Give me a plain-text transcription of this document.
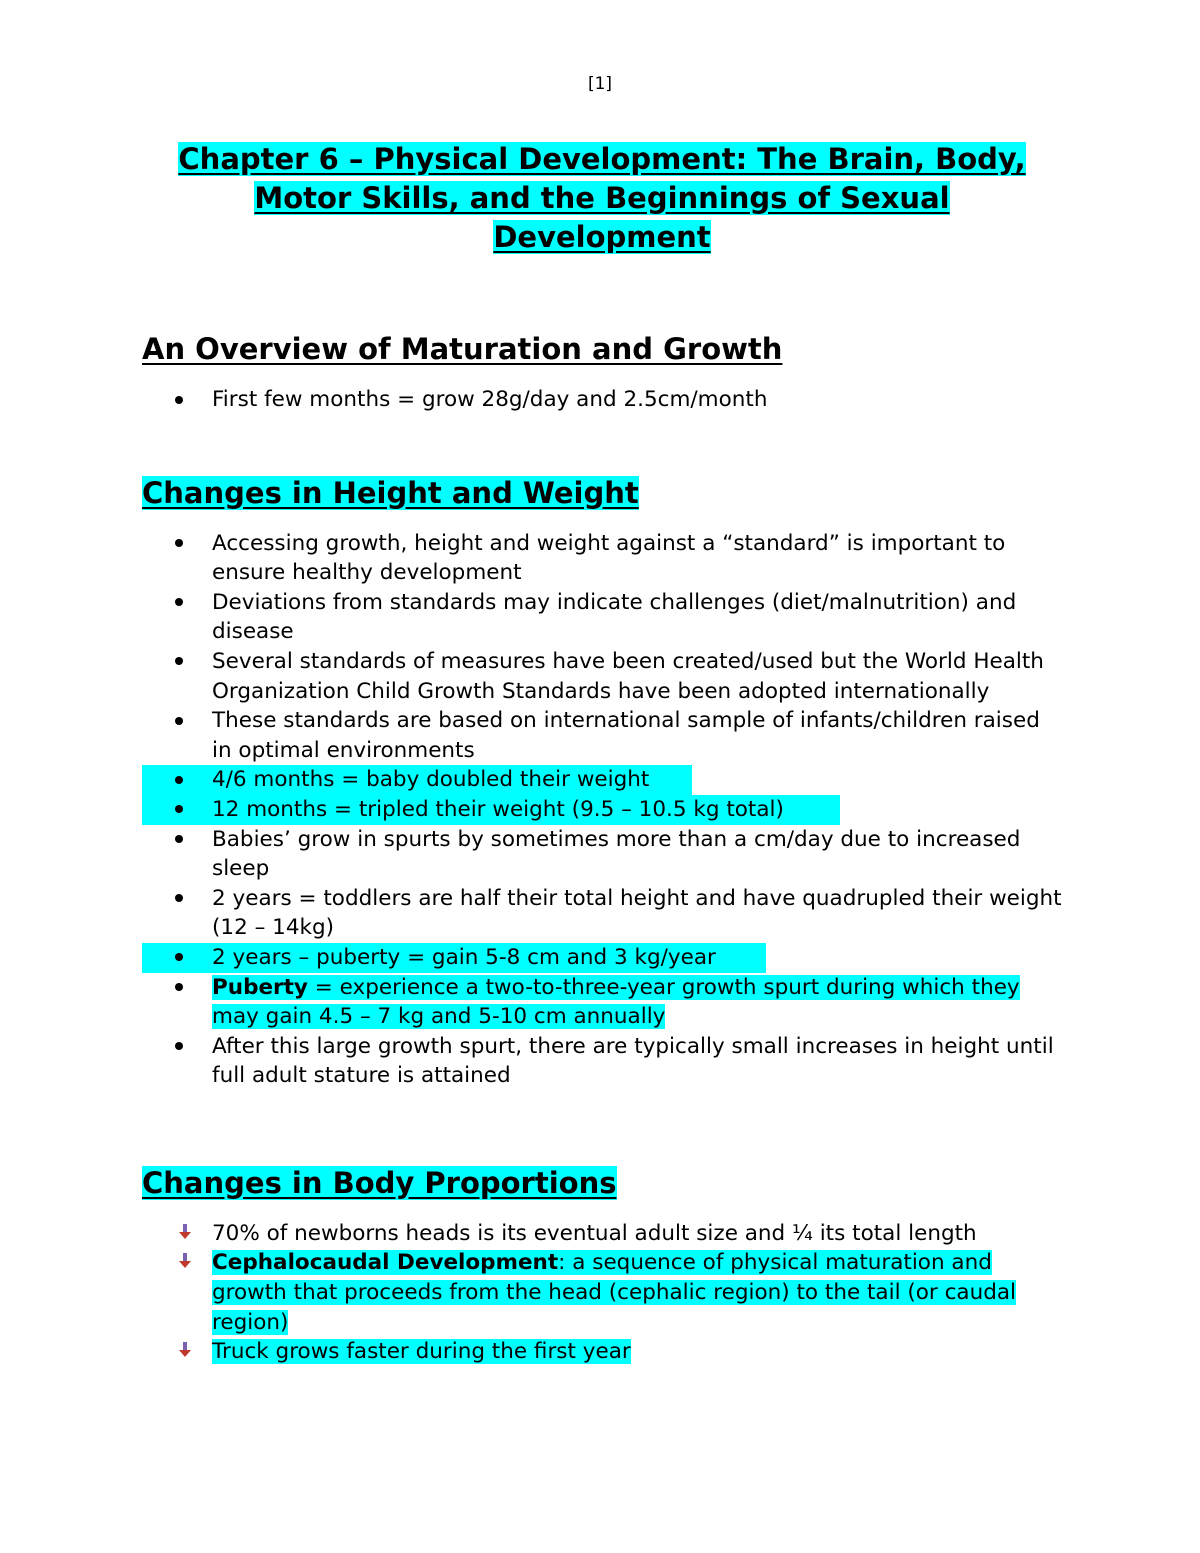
[1]
Chapter 6 – Physical Development: The Brain, Body,
Motor Skills, and the Beginnings of Sexual
Development
An Overview of Maturation and Growth
First few months = grow 28g/day and 2.5cm/month
Changes in Height and Weight
Accessing growth, height and weight against a “standard” is important to ensure healthy development
Deviations from standards may indicate challenges (diet/malnutrition) and disease
Several standards of measures have been created/used but the World Health Organization Child Growth Standards have been adopted internationally
These standards are based on international sample of infants/children raised in optimal environments
4/6 months = baby doubled their weight
12 months = tripled their weight (9.5 – 10.5 kg total)
Babies’ grow in spurts by sometimes more than a cm/day due to increased sleep
2 years = toddlers are half their total height and have quadrupled their weight (12 – 14kg)
2 years – puberty = gain 5-8 cm and 3 kg/year
Puberty = experience a two-to-three-year growth spurt during which they may gain 4.5 – 7 kg and 5-10 cm annually
After this large growth spurt, there are typically small increases in height until full adult stature is attained
Changes in Body Proportions
70% of newborns heads is its eventual adult size and ¼ its total length
Cephalocaudal Development: a sequence of physical maturation and growth that proceeds from the head (cephalic region) to the tail (or caudal region)
Truck grows faster during the first year
